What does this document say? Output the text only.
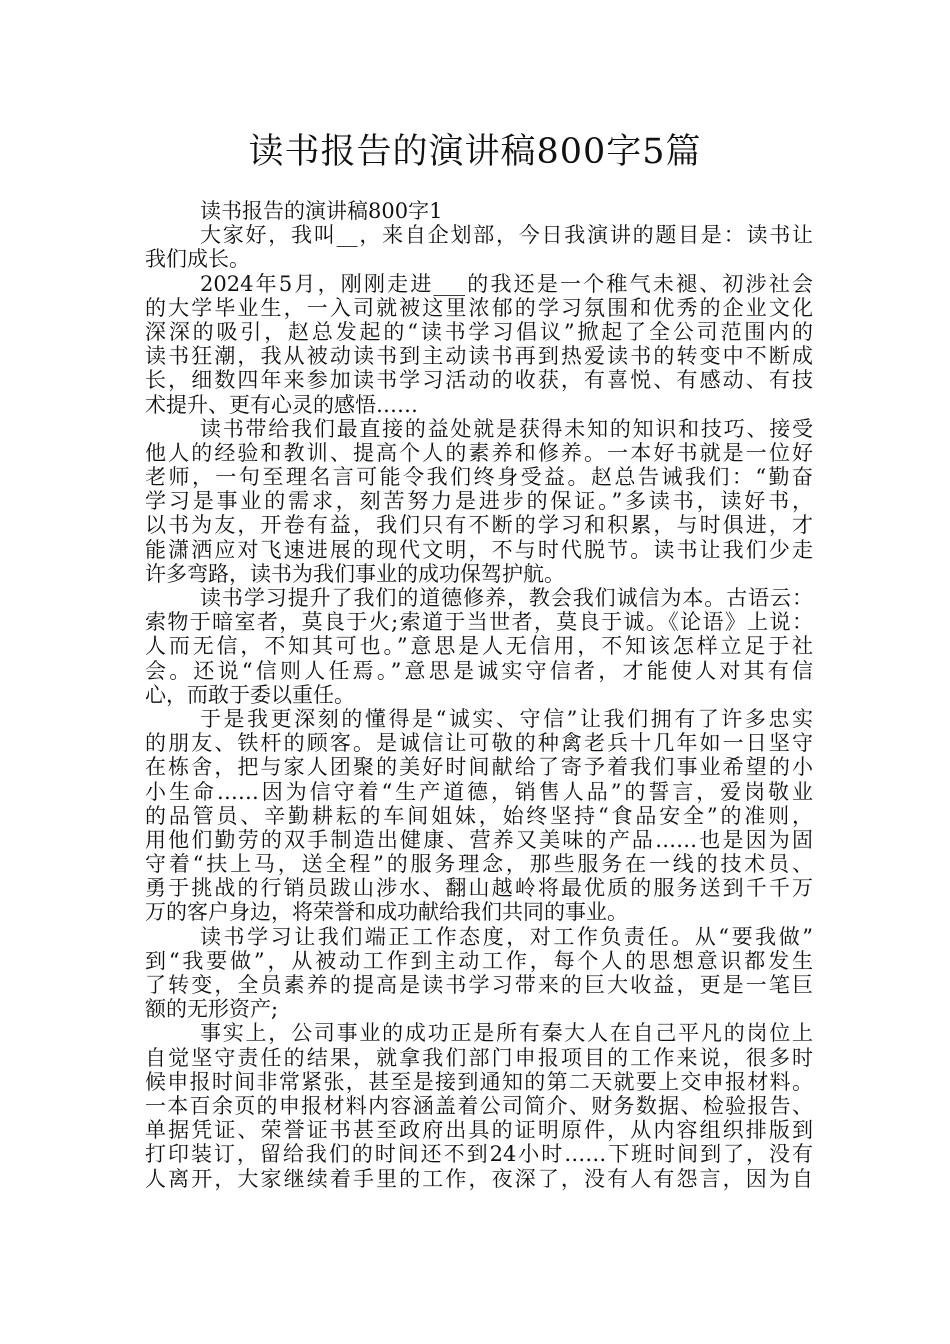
读书报告的演讲稿800字5篇
读书报告的演讲稿800字1
大家好，我叫__，来自企划部，今日我演讲的题目是：读书让
我们成长。
2024年5月，刚刚走进___的我还是一个稚气未褪、初涉社会
的大学毕业生，一入司就被这里浓郁的学习氛围和优秀的企业文化
深深的吸引，赵总发起的“读书学习倡议”掀起了全公司范围内的
读书狂潮，我从被动读书到主动读书再到热爱读书的转变中不断成
长，细数四年来参加读书学习活动的收获，有喜悦、有感动、有技
术提升、更有心灵的感悟……
读书带给我们最直接的益处就是获得未知的知识和技巧、接受
他人的经验和教训、提高个人的素养和修养。一本好书就是一位好
老师，一句至理名言可能令我们终身受益。赵总告诫我们：“勤奋
学习是事业的需求，刻苦努力是进步的保证。”多读书，读好书，
以书为友，开卷有益，我们只有不断的学习和积累，与时俱进，才
能潇洒应对飞速进展的现代文明，不与时代脱节。读书让我们少走
许多弯路，读书为我们事业的成功保驾护航。
读书学习提升了我们的道德修养，教会我们诚信为本。古语云：
索物于暗室者，莫良于火;索道于当世者，莫良于诚。《论语》上说：
人而无信，不知其可也。”意思是人无信用，不知该怎样立足于社
会。还说“信则人任焉。”意思是诚实守信者，才能使人对其有信
心，而敢于委以重任。
于是我更深刻的懂得是“诚实、守信”让我们拥有了许多忠实
的朋友、铁杆的顾客。是诚信让可敬的种禽老兵十几年如一日坚守
在栋舍，把与家人团聚的美好时间献给了寄予着我们事业希望的小
小生命……因为信守着“生产道德，销售人品”的誓言，爱岗敬业
的品管员、辛勤耕耘的车间姐妹，始终坚持“食品安全”的准则，
用他们勤劳的双手制造出健康、营养又美味的产品……也是因为固
守着“扶上马，送全程”的服务理念，那些服务在一线的技术员、
勇于挑战的行销员跋山涉水、翻山越岭将最优质的服务送到千千万
万的客户身边，将荣誉和成功献给我们共同的事业。
读书学习让我们端正工作态度，对工作负责任。从“要我做”
到“我要做”，从被动工作到主动工作，每个人的思想意识都发生
了转变，全员素养的提高是读书学习带来的巨大收益，更是一笔巨
额的无形资产;
事实上，公司事业的成功正是所有秦大人在自己平凡的岗位上
自觉坚守责任的结果，就拿我们部门申报项目的工作来说，很多时
候申报时间非常紧张，甚至是接到通知的第二天就要上交申报材料。
一本百余页的申报材料内容涵盖着公司简介、财务数据、检验报告、
单据凭证、荣誉证书甚至政府出具的证明原件，从内容组织排版到
打印装订，留给我们的时间还不到24小时……下班时间到了，没有
人离开，大家继续着手里的工作，夜深了，没有人有怨言，因为自
